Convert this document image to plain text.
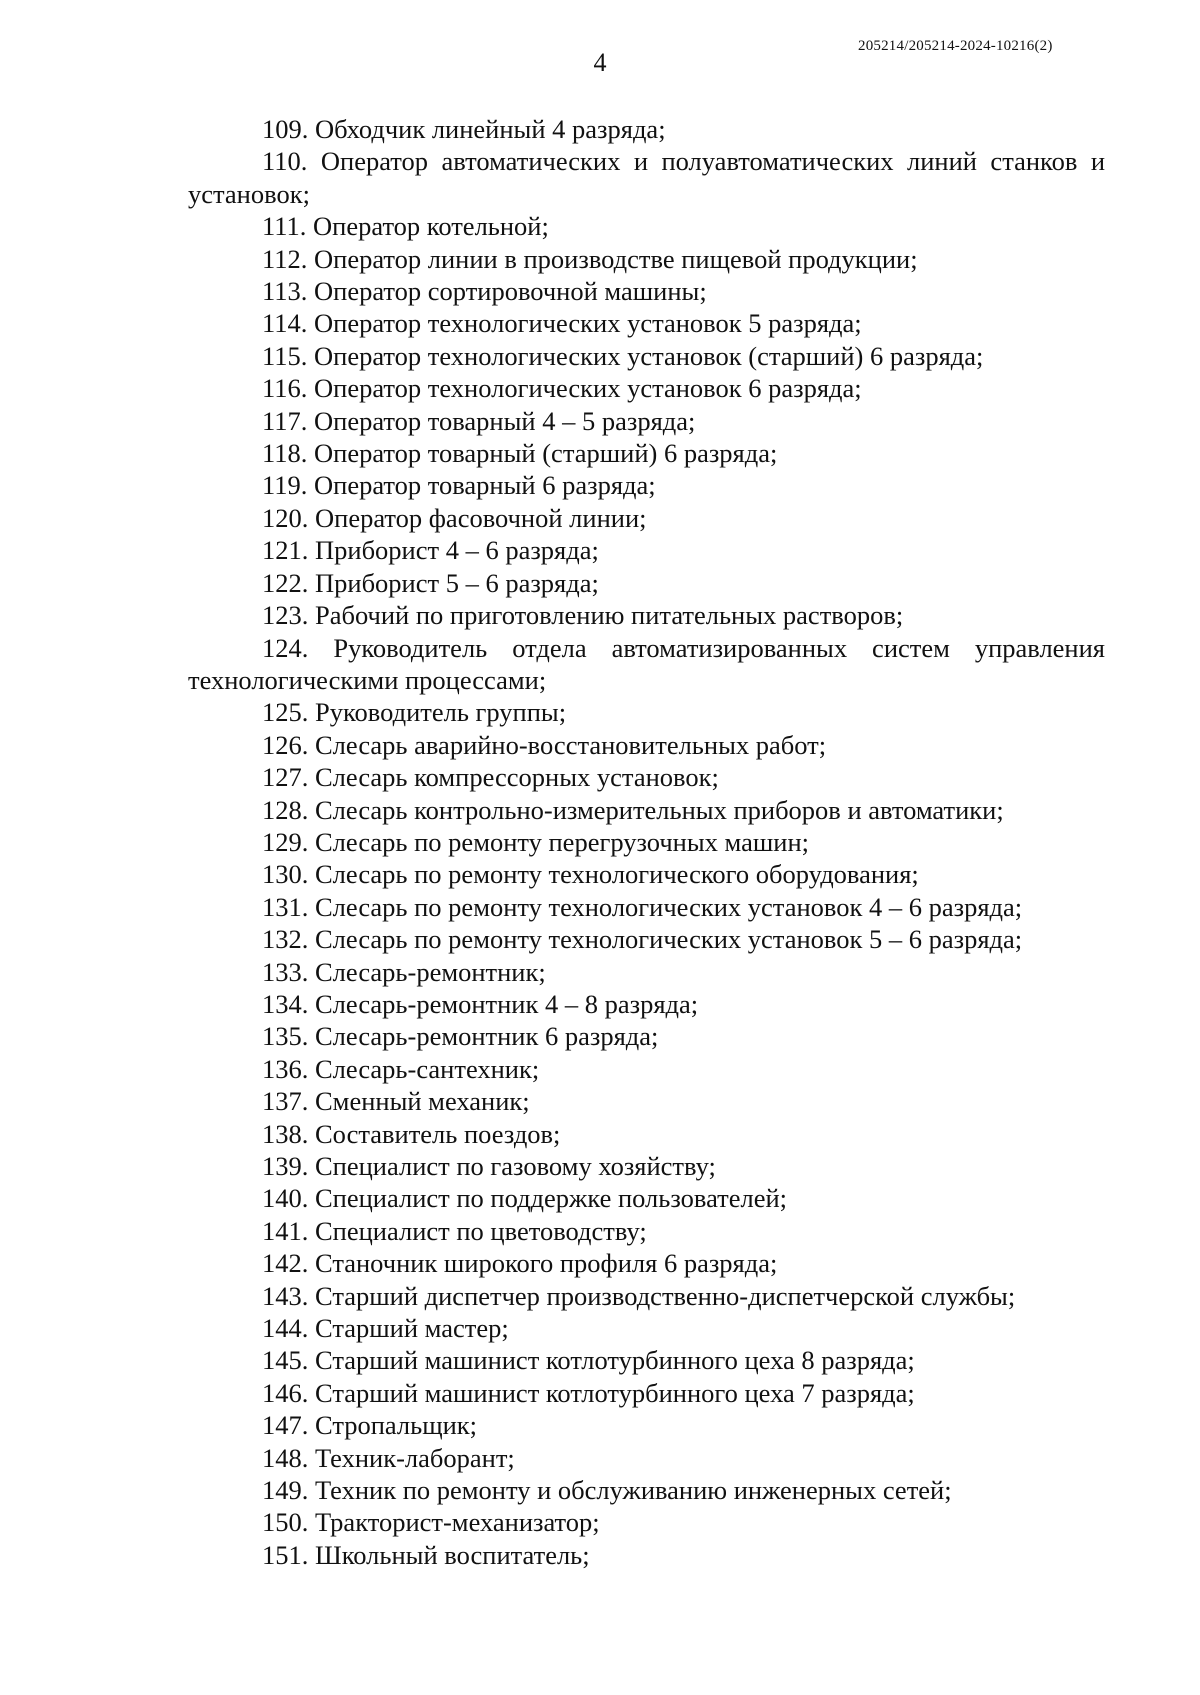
205214/205214-2024-10216(2)
4
109. Обходчик линейный 4 разряда;
110. Оператор автоматических и полуавтоматических линий станков и установок;
111. Оператор котельной;
112. Оператор линии в производстве пищевой продукции;
113. Оператор сортировочной машины;
114. Оператор технологических установок 5 разряда;
115. Оператор технологических установок (старший) 6 разряда;
116. Оператор технологических установок 6 разряда;
117. Оператор товарный 4 – 5 разряда;
118. Оператор товарный (старший) 6 разряда;
119. Оператор товарный 6 разряда;
120. Оператор фасовочной линии;
121. Приборист 4 – 6 разряда;
122. Приборист 5 – 6 разряда;
123. Рабочий по приготовлению питательных растворов;
124. Руководитель отдела автоматизированных систем управления технологическими процессами;
125. Руководитель группы;
126. Слесарь аварийно-восстановительных работ;
127. Слесарь компрессорных установок;
128. Слесарь контрольно-измерительных приборов и автоматики;
129. Слесарь по ремонту перегрузочных машин;
130. Слесарь по ремонту технологического оборудования;
131. Слесарь по ремонту технологических установок 4 – 6 разряда;
132. Слесарь по ремонту технологических установок 5 – 6 разряда;
133. Слесарь-ремонтник;
134. Слесарь-ремонтник 4 – 8 разряда;
135. Слесарь-ремонтник 6 разряда;
136. Слесарь-сантехник;
137. Сменный механик;
138. Составитель поездов;
139. Специалист по газовому хозяйству;
140. Специалист по поддержке пользователей;
141. Специалист по цветоводству;
142. Станочник широкого профиля 6 разряда;
143. Старший диспетчер производственно-диспетчерской службы;
144. Старший мастер;
145. Старший машинист котлотурбинного цеха 8 разряда;
146. Старший машинист котлотурбинного цеха 7 разряда;
147. Стропальщик;
148. Техник-лаборант;
149. Техник по ремонту и обслуживанию инженерных сетей;
150. Тракторист-механизатор;
151. Школьный воспитатель;
